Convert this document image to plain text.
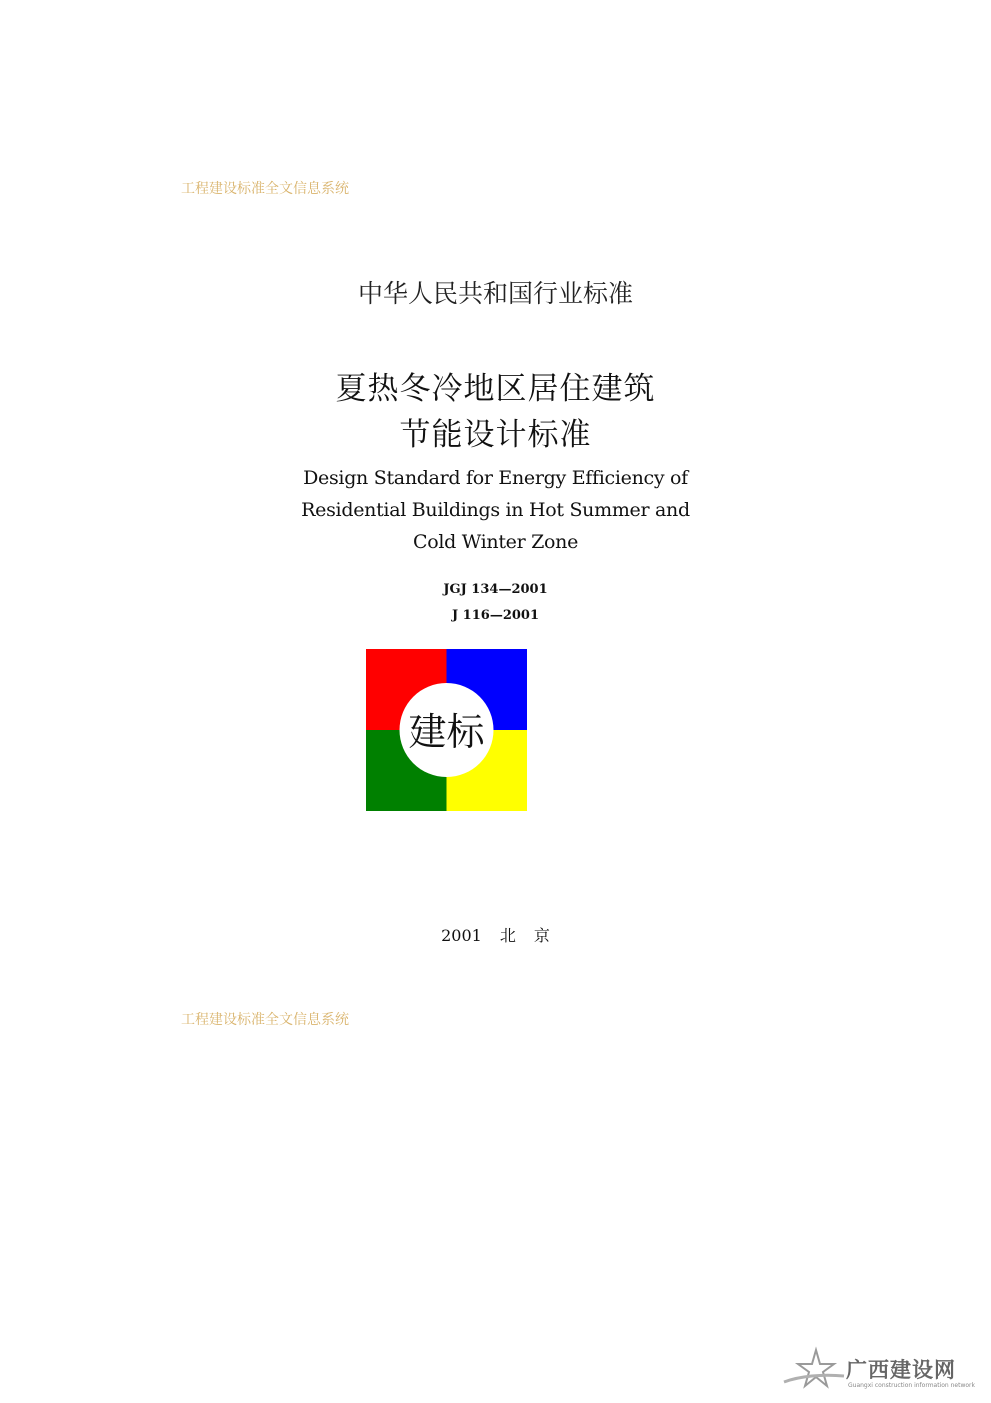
工程建设标准全文信息系统
中华人民共和国行业标准
夏热冬冷地区居住建筑
节能设计标准
Design Standard for Energy Efficiency of
Residential Buildings in Hot Summer and
Cold Winter Zone
JGJ 134—2001
J 116—2001
建标
2001 北 京
工程建设标准全文信息系统
广西建设网
Guangxi construction information network
